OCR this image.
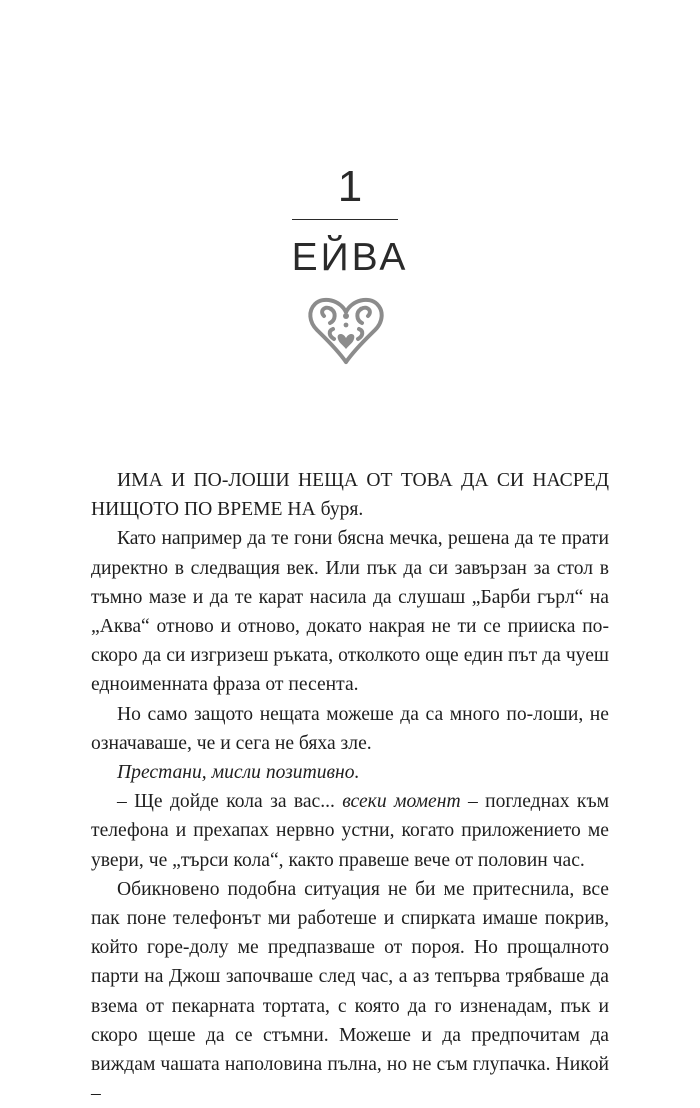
1
ЕЙВА

ИМА И ПО-ЛОШИ НЕЩА ОТ ТОВА ДА СИ НАСРЕД НИЩОТО ПО ВРЕМЕ НА буря.

Като например да те гони бясна мечка, решена да те прати директно в следващия век. Или пък да си завързан за стол в тъмно мазе и да те карат насила да слушаш „Барби гърл“ на „Аква“ отново и отново, докато накрая не ти се прииска по-скоро да си изгризеш ръката, отколкото още един път да чуеш едноименната фраза от песента.

Но само защото нещата можеше да са много по-лоши, не означаваше, че и сега не бяха зле.

Престани, мисли позитивно.

– Ще дойде кола за вас... всеки момент – погледнах към телефона и прехапах нервно устни, когато приложението ме увери, че „търси кола“, както правеше вече от половин час.

Обикновено подобна ситуация не би ме притеснила, все пак поне телефонът ми работеше и спирката имаше покрив, който горе-долу ме предпазваше от пороя. Но прощалното парти на Джош започваше след час, а аз тепърва трябваше да взема от пекарната тортата, с която да го изненадам, пък и скоро щеше да се стъмни. Можеше и да предпочитам да виждам чашата наполовина пълна, но не съм глупачка. Никой –
